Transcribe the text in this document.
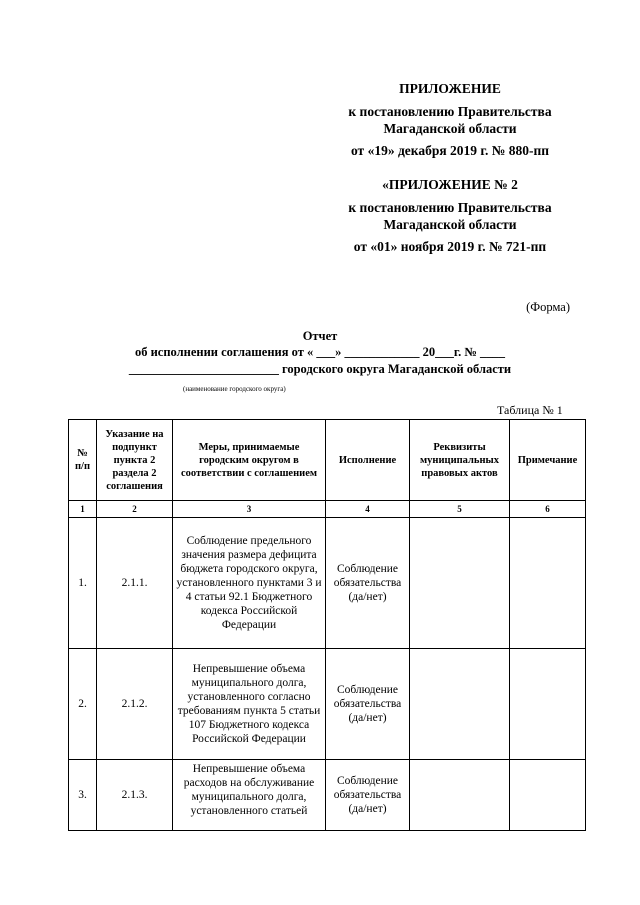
ПРИЛОЖЕНИЕ
к постановлению Правительства
Магаданской области
от «19» декабря 2019 г. № 880-пп
«ПРИЛОЖЕНИЕ № 2
к постановлению Правительства
Магаданской области
от «01» ноября 2019 г. № 721-пп
(Форма)
Отчет
об исполнении соглашения от « ___» ____________ 20___г. № ____
________________________ городского округа Магаданской области
(наименование городского округа)
Таблица № 1
№ п/п	Указание на подпункт пункта 2 раздела 2 соглашения	Меры, принимаемые городским округом в соответствии с соглашением	Исполнение	Реквизиты муниципальных правовых актов	Примечание
1	2	3	4	5	6
1.	2.1.1.	Соблюдение предельного значения размера дефицита бюджета городского округа, установленного пунктами 3 и 4 статьи 92.1 Бюджетного кодекса Российской Федерации	Соблюдение обязательства (да/нет)		
2.	2.1.2.	Непревышение объема муниципального долга, установленного согласно требованиям пункта 5 статьи 107 Бюджетного кодекса Российской Федерации	Соблюдение обязательства (да/нет)		
3.	2.1.3.	Непревышение объема расходов на обслуживание муниципального долга, установленного статьей	Соблюдение обязательства (да/нет)		
